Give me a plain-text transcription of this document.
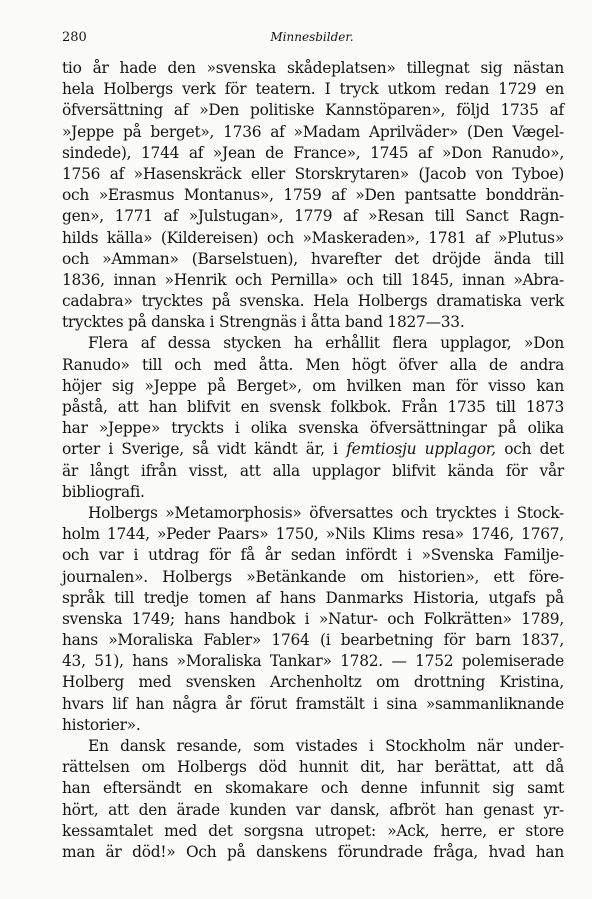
280	Minnesbilder.
tio år hade den »svenska skådeplatsen» tillegnat sig nästan
hela Holbergs verk för teatern. I tryck utkom redan 1729 en
öfversättning af »Den politiske Kannstöparen», följd 1735 af
»Jeppe på berget», 1736 af »Madam Aprilväder» (Den Vægel-
sindede), 1744 af »Jean de France», 1745 af »Don Ranudo»,
1756 af »Hasenskräck eller Storskrytaren» (Jacob von Tyboe)
och »Erasmus Montanus», 1759 af »Den pantsatte bonddrän-
gen», 1771 af »Julstugan», 1779 af »Resan till Sanct Ragn-
hilds källa» (Kildereisen) och »Maskeraden», 1781 af »Plutus»
och »Amman» (Barselstuen), hvarefter det dröjde ända till
1836, innan »Henrik och Pernilla» och till 1845, innan »Abra-
cadabra» trycktes på svenska. Hela Holbergs dramatiska verk
trycktes på danska i Strengnäs i åtta band 1827—33.
Flera af dessa stycken ha erhållit flera upplagor, »Don
Ranudo» till och med åtta. Men högt öfver alla de andra
höjer sig »Jeppe på Berget», om hvilken man för visso kan
påstå, att han blifvit en svensk folkbok. Från 1735 till 1873
har »Jeppe» tryckts i olika svenska öfversättningar på olika
orter i Sverige, så vidt kändt är, i femtiosju upplagor, och det
är långt ifrån visst, att alla upplagor blifvit kända för vår
bibliografi.
Holbergs »Metamorphosis» öfversattes och trycktes i Stock-
holm 1744, »Peder Paars» 1750, »Nils Klims resa» 1746, 1767,
och var i utdrag för få år sedan infördt i »Svenska Familje-
journalen». Holbergs »Betänkande om historien», ett före-
språk till tredje tomen af hans Danmarks Historia, utgafs på
svenska 1749; hans handbok i »Natur- och Folkrätten» 1789,
hans »Moraliska Fabler» 1764 (i bearbetning för barn 1837,
43, 51), hans »Moraliska Tankar» 1782. — 1752 polemiserade
Holberg med svensken Archenholtz om drottning Kristina,
hvars lif han några år förut framstält i sina »sammanliknande
historier».
En dansk resande, som vistades i Stockholm när under-
rättelsen om Holbergs död hunnit dit, har berättat, att då
han eftersändt en skomakare och denne infunnit sig samt
hört, att den ärade kunden var dansk, afbröt han genast yr-
kessamtalet med det sorgsna utropet: »Ack, herre, er store
man är död!» Och på danskens förundrade fråga, hvad han
